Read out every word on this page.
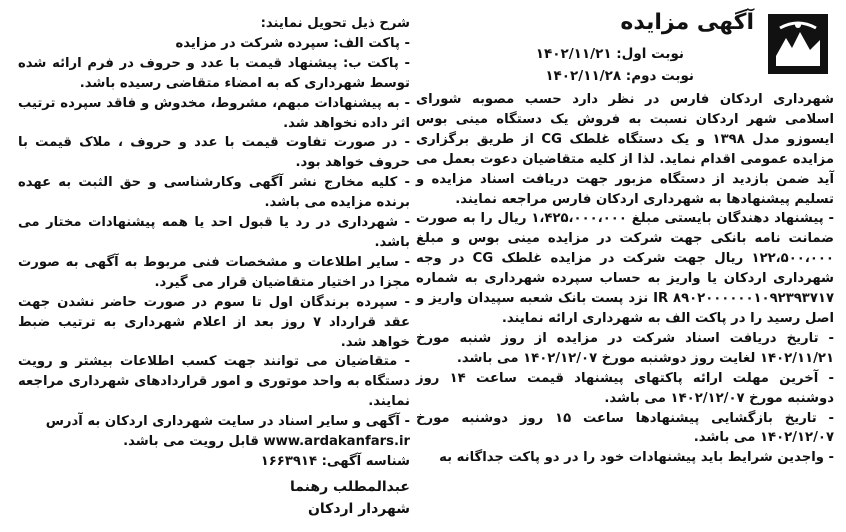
آگهی مزایده
نوبت اول: ۱۴۰۲/۱۱/۲۱
نوبت دوم: ۱۴۰۲/۱۱/۲۸

شهرداری اردکان فارس در نظر دارد حسب مصوبه شورای اسلامی شهر اردکان نسبت به فروش یک دستگاه مینی بوس ایسوزو مدل ۱۳۹۸ و یک دستگاه غلطک CG از طریق برگزاری مزایده عمومی اقدام نماید. لذا از کلیه متقاضیان دعوت بعمل می آید ضمن بازدید از دستگاه مزبور جهت دریافت اسناد مزایده و تسلیم پیشنهادها به شهرداری اردکان فارس مراجعه نمایند.

- پیشنهاد دهندگان بایستی مبلغ ۱،۴۲۵،۰۰۰،۰۰۰ ریال را به صورت ضمانت نامه بانکی جهت شرکت در مزایده مینی بوس و مبلغ ۱۲۲،۵۰۰،۰۰۰ ریال جهت شرکت در مزایده غلطک CG در وجه شهرداری اردکان یا واریز به حساب سپرده شهرداری به شماره IR ۸۹۰۲۰۰۰۰۰۰۱۰۹۲۳۹۳۷۱۷ نزد پست بانک شعبه سپیدان واریز و اصل رسید را در پاکت الف به شهرداری ارائه نمایند.

- تاریخ دریافت اسناد شرکت در مزایده از روز شنبه مورخ ۱۴۰۲/۱۱/۲۱ لغایت روز دوشنبه مورخ ۱۴۰۲/۱۲/۰۷ می باشد.

- آخرین مهلت ارائه پاکتهای پیشنهاد قیمت ساعت ۱۴ روز دوشنبه مورخ ۱۴۰۲/۱۲/۰۷ می باشد.

- تاریخ بازگشایی پیشنهادها ساعت ۱۵ روز دوشنبه مورخ ۱۴۰۲/۱۲/۰۷ می باشد.

- واجدین شرایط باید پیشنهادات خود را در دو پاکت جداگانه به

شرح ذیل تحویل نمایند:

- پاکت الف: سپرده شرکت در مزایده

- پاکت ب: پیشنهاد قیمت با عدد و حروف در فرم ارائه شده توسط شهرداری که به امضاء متقاضی رسیده باشد.

- به پیشنهادات مبهم، مشروط، مخدوش و فاقد سپرده ترتیب اثر داده نخواهد شد.

- در صورت تفاوت قیمت با عدد و حروف ، ملاک قیمت با حروف خواهد بود.

- کلیه مخارج نشر آگهی وکارشناسی و حق الثبت به عهده برنده مزایده می باشد.

- شهرداری در رد یا قبول احد یا همه پیشنهادات مختار می باشد.

- سایر اطلاعات و مشخصات فنی مربوط به آگهی به صورت مجزا در اختیار متقاضیان قرار می گیرد.

- سپرده برندگان اول تا سوم در صورت حاضر نشدن جهت عقد قرارداد ۷ روز بعد از اعلام شهرداری به ترتیب ضبط خواهد شد.

- متقاضیان می توانند جهت کسب اطلاعات بیشتر و رویت دستگاه به واحد موتوری و امور قراردادهای شهرداری مراجعه نمایند.

- آگهی و سایر اسناد در سایت شهرداری اردکان به آدرس

www.ardakanfars.ir قابل رویت می باشد.

شناسه آگهی: ۱۶۶۳۹۱۴

عبدالمطلب رهنما
شهردار اردکان
